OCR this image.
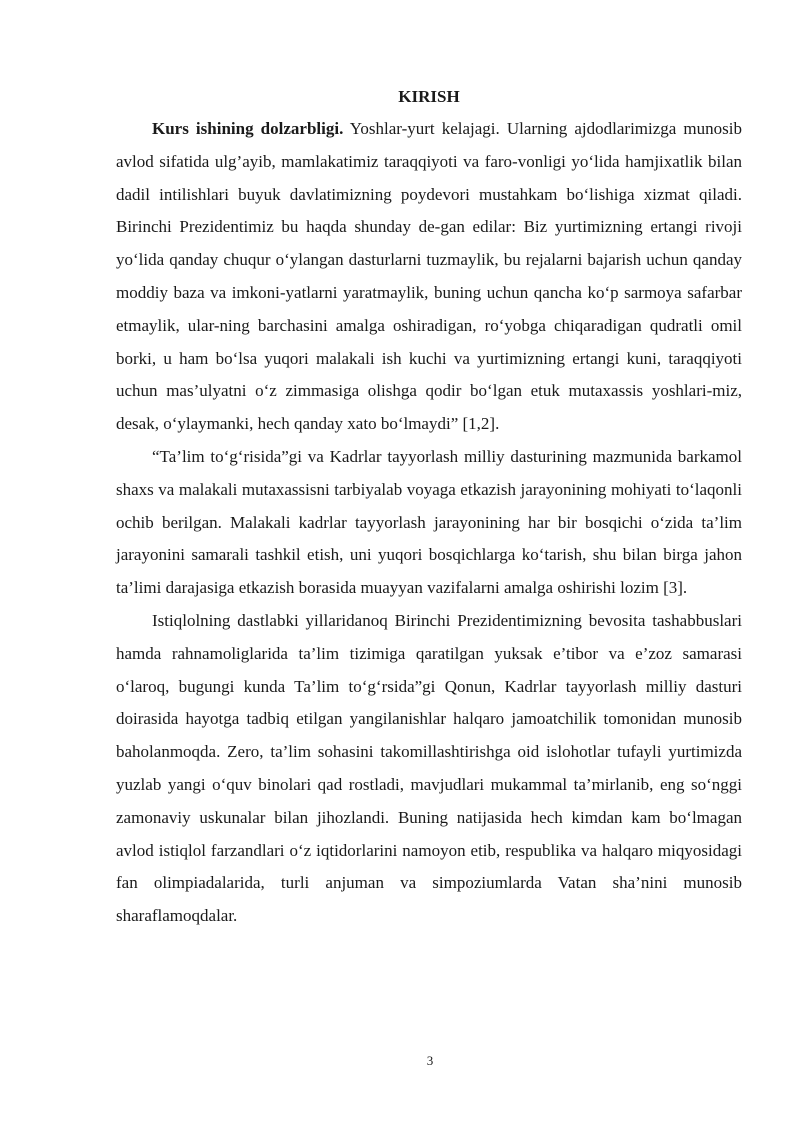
KIRISH

Kurs ishining dolzarbligi. Yoshlar-yurt kelajagi. Ularning ajdodlarimizga munosib avlod sifatida ulg’ayib, mamlakatimiz taraqqiyoti va faro-vonligi yo‘lida hamjixatlik bilan dadil intilishlari buyuk davlatimizning poydevori mustahkam bo‘lishiga xizmat qiladi. Birinchi Prezidentimiz bu haqda shunday de-gan edilar: Biz yurtimizning ertangi rivoji yo‘lida qanday chuqur o‘ylangan dasturlarni tuzmaylik, bu rejalarni bajarish uchun qanday moddiy baza va imkoni-yatlarni yaratmaylik, buning uchun qancha ko‘p sarmoya safarbar etmaylik, ular-ning barchasini amalga oshiradigan, ro‘yobga chiqaradigan qudratli omil borki, u ham bo‘lsa yuqori malakali ish kuchi va yurtimizning ertangi kuni, taraqqiyoti uchun mas’ulyatni o‘z zimmasiga olishga qodir bo‘lgan etuk mutaxassis yoshlari-miz, desak, o‘ylaymanki, hech qanday xato bo‘lmaydi” [1,2].

“Ta’lim to‘g‘risida”gi va Kadrlar tayyorlash milliy dasturining mazmunida barkamol shaxs va malakali mutaxassisni tarbiyalab voyaga etkazish jarayonining mohiyati to‘laqonli ochib berilgan. Malakali kadrlar tayyorlash jarayonining har bir bosqichi o‘zida ta’lim jarayonini samarali tashkil etish, uni yuqori bosqichlarga ko‘tarish, shu bilan birga jahon ta’limi darajasiga etkazish borasida muayyan vazifalarni amalga oshirishi lozim [3].

Istiqlolning dastlabki yillaridanoq Birinchi Prezidentimizning bevosita tashabbuslari hamda rahnamoliglarida ta’lim tizimiga qaratilgan yuksak e’tibor va e’zoz samarasi o‘laroq, bugungi kunda Ta’lim to‘g‘rsida”gi Qonun, Kadrlar tayyorlash milliy dasturi doirasida hayotga tadbiq etilgan yangilanishlar halqaro jamoatchilik tomonidan munosib baholanmoqda. Zero, ta’lim sohasini takomillashtirishga oid islohotlar tufayli yurtimizda yuzlab yangi o‘quv binolari qad rostladi, mavjudlari mukammal ta’mirlanib, eng so‘nggi zamonaviy uskunalar bilan jihozlandi. Buning natijasida hech kimdan kam bo‘lmagan avlod istiqlol farzandlari o‘z iqtidorlarini namoyon etib, respublika va halqaro miqyosidagi fan olimpiadalarida, turli anjuman va simpoziumlarda Vatan sha’nini munosib sharaflamoqdalar.

3
